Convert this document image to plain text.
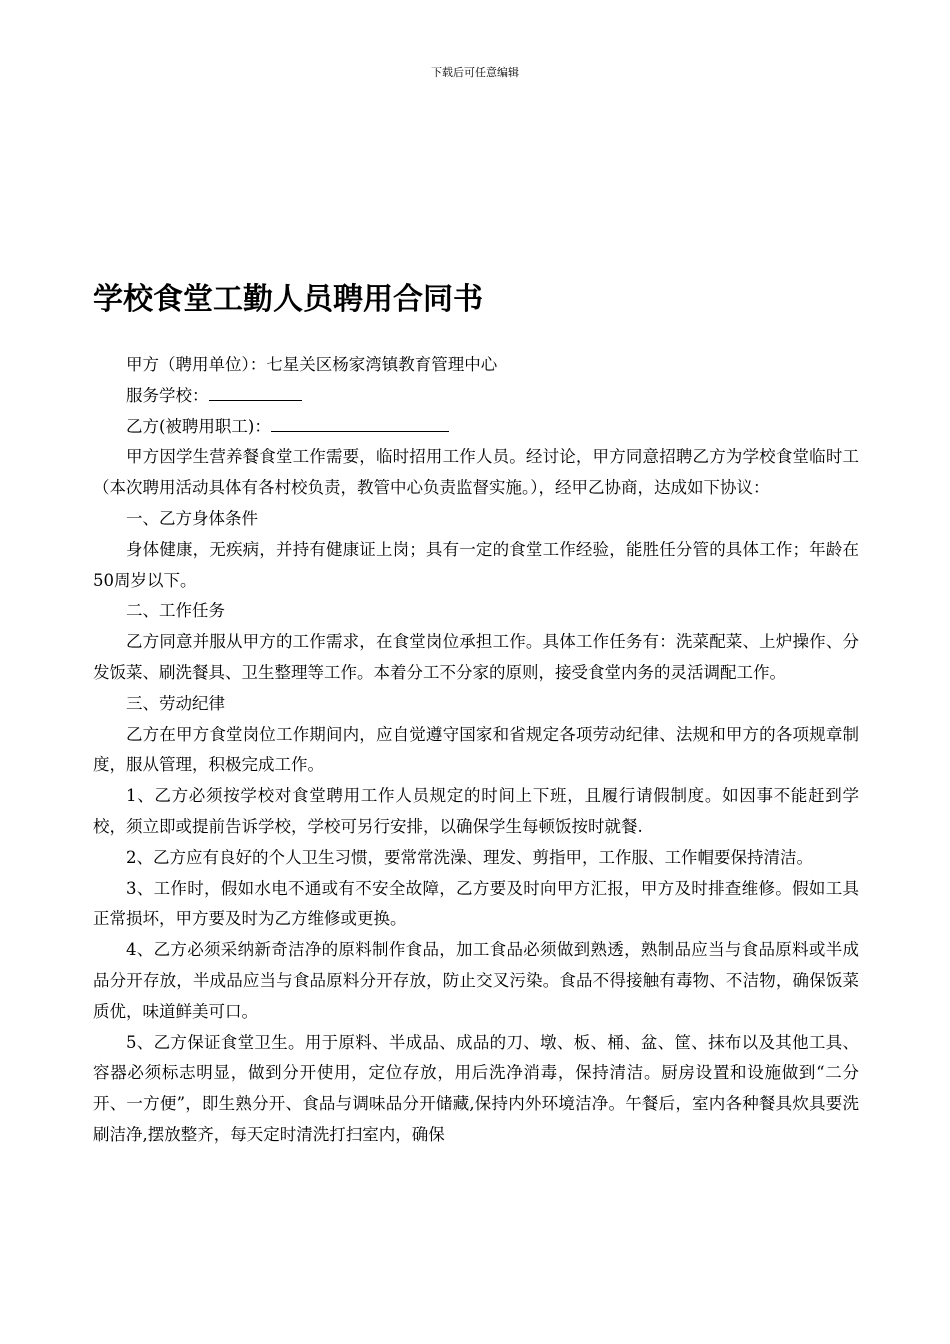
下载后可任意编辑
学校食堂工勤人员聘用合同书

甲方（聘用单位）：七星关区杨家湾镇教育管理中心

服务学校：

乙方(被聘用职工)：

甲方因学生营养餐食堂工作需要，临时招用工作人员。经讨论，甲方同意招聘乙方为学校食堂临时工（本次聘用活动具体有各村校负责，教管中心负责监督实施。），经甲乙协商，达成如下协议：

一、乙方身体条件

身体健康，无疾病，并持有健康证上岗；具有一定的食堂工作经验，能胜任分管的具体工作；年龄在50周岁以下。

二、工作任务

乙方同意并服从甲方的工作需求，在食堂岗位承担工作。具体工作任务有：洗菜配菜、上炉操作、分发饭菜、刷洗餐具、卫生整理等工作。本着分工不分家的原则，接受食堂内务的灵活调配工作。

三、劳动纪律

乙方在甲方食堂岗位工作期间内，应自觉遵守国家和省规定各项劳动纪律、法规和甲方的各项规章制度，服从管理，积极完成工作。

1、乙方必须按学校对食堂聘用工作人员规定的时间上下班，且履行请假制度。如因事不能赶到学校，须立即或提前告诉学校，学校可另行安排，以确保学生每顿饭按时就餐.

2、乙方应有良好的个人卫生习惯，要常常洗澡、理发、剪指甲，工作服、工作帽要保持清洁。

3、工作时，假如水电不通或有不安全故障，乙方要及时向甲方汇报，甲方及时排查维修。假如工具正常损坏，甲方要及时为乙方维修或更换。

4、乙方必须采纳新奇洁净的原料制作食品，加工食品必须做到熟透，熟制品应当与食品原料或半成品分开存放，半成品应当与食品原料分开存放，防止交叉污染。食品不得接触有毒物、不洁物，确保饭菜质优，味道鲜美可口。

5、乙方保证食堂卫生。用于原料、半成品、成品的刀、墩、板、桶、盆、筐、抹布以及其他工具、容器必须标志明显，做到分开使用，定位存放，用后洗净消毒，保持清洁。厨房设置和设施做到“二分开、一方便”，即生熟分开、食品与调味品分开储藏,保持内外环境洁净。午餐后，室内各种餐具炊具要洗刷洁净,摆放整齐，每天定时清洗打扫室内，确保
